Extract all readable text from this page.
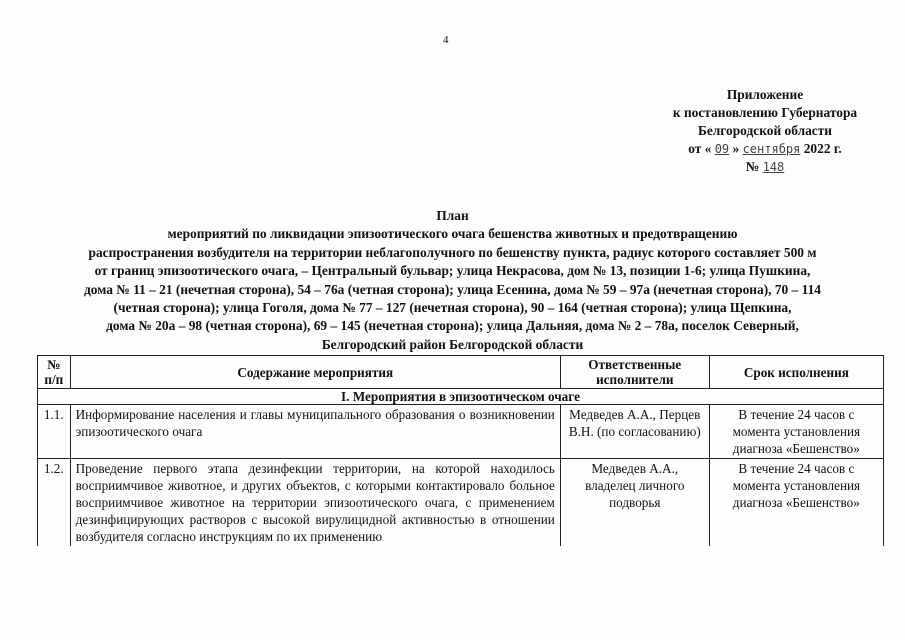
4
Приложение
к постановлению Губернатора
Белгородской области
от « 09 » сентября 2022 г.
№ 148
План
мероприятий по ликвидации эпизоотического очага бешенства животных и предотвращению
распространения возбудителя на территории неблагополучного по бешенству пункта, радиус которого составляет 500 м
от границ эпизоотического очага, – Центральный бульвар; улица Некрасова, дом № 13, позиции 1-6; улица Пушкина,
дома № 11 – 21 (нечетная сторона), 54 – 76а (четная сторона); улица Есенина, дома № 59 – 97а (нечетная сторона), 70 – 114
(четная сторона); улица Гоголя, дома № 77 – 127 (нечетная сторона), 90 – 164 (четная сторона); улица Щепкина,
дома № 20а – 98 (четная сторона), 69 – 145 (нечетная сторона); улица Дальняя, дома № 2 – 78а, поселок Северный,
Белгородский район Белгородской области
№ п/п	Содержание мероприятия	Ответственные исполнители	Срок исполнения
I. Мероприятия в эпизоотическом очаге			
1.1.	Информирование населения и главы муниципального образования о возникновении эпизоотического очага	Медведев А.А., Перцев В.Н. (по согласованию)	В течение 24 часов с момента установления диагноза «Бешенство»
1.2.	Проведение первого этапа дезинфекции территории, на которой находилось восприимчивое животное, и других объектов, с которыми контактировало больное восприимчивое животное на территории эпизоотического очага, с применением дезинфицирующих растворов с высокой вирулицидной активностью в отношении возбудителя согласно инструкциям по их применению	Медведев А.А., владелец личного подворья	В течение 24 часов с момента установления диагноза «Бешенство»
